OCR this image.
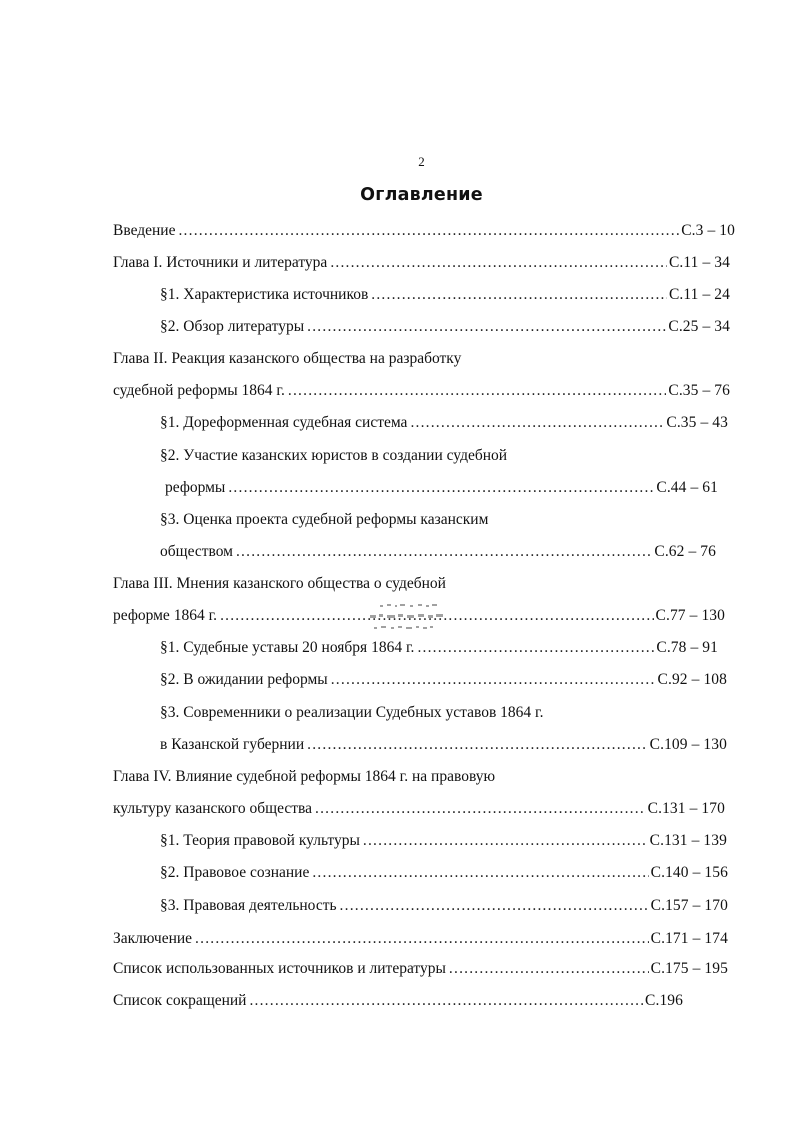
2
Оглавление
Введение .....	С.3 – 10
Глава I. Источники и литература .....	С.11 – 34
§1. Характеристика источников .....	С.11 – 24
§2. Обзор литературы .....	С.25 – 34
Глава II. Реакция казанского общества на разработку
судебной реформы 1864 г. .....	С.35 – 76
§1. Дореформенная судебная система .....	С.35 – 43
§2. Участие казанских юристов в создании судебной
реформы .....	С.44 – 61
§3. Оценка проекта судебной реформы казанским
обществом .....	С.62 – 76
Глава III. Мнения казанского общества о судебной
реформе 1864 г. .....	С.77 – 130
§1. Судебные уставы 20 ноября 1864 г. .....	С.78 – 91
§2. В ожидании реформы .....	С.92 – 108
§3. Современники о реализации Судебных уставов 1864 г.
в Казанской губернии .....	С.109 – 130
Глава IV. Влияние судебной реформы 1864 г. на правовую
культуру казанского общества .....	С.131 – 170
§1. Теория правовой культуры .....	С.131 – 139
§2. Правовое сознание .....	С.140 – 156
§3. Правовая деятельность .....	С.157 – 170
Заключение .....	С.171 – 174
Список использованных источников и литературы .....	С.175 – 195
Список сокращений .....	С.196
